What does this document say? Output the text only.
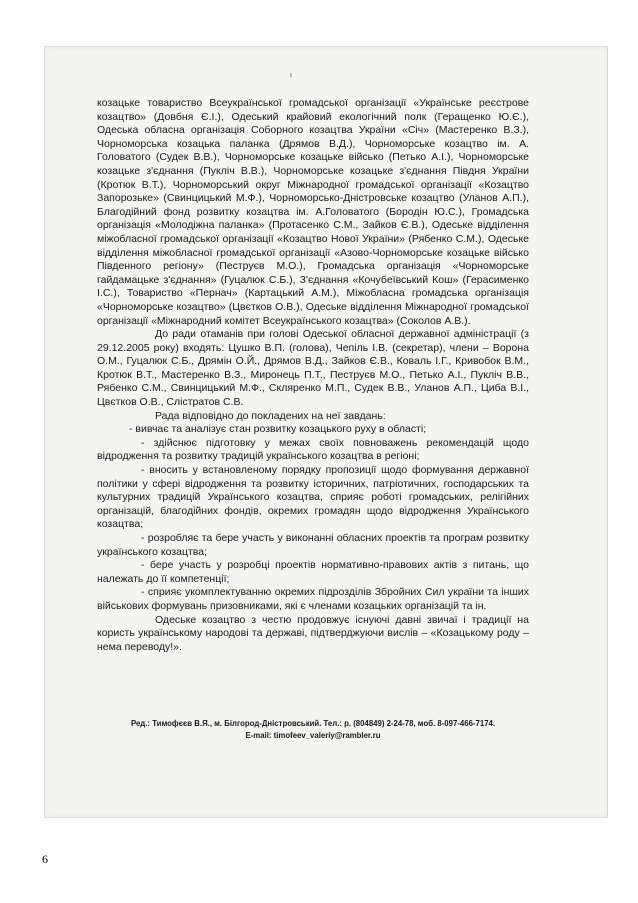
ı

козацьке товариство Всеукраїнської громадської організації «Українське реєстрове козацтво» (Довбня Є.І.), Одеський крайовий екологічний полк (Геращенко Ю.Є.), Одеська обласна організація Соборного козацтва України «Січ» (Мастеренко В.З.), Чорноморська козацька паланка (Дрямов В.Д.), Чорноморське козацтво ім. А. Головатого (Судек В.В.), Чорноморське козацьке військо (Петько А.І.), Чорноморське козацьке з'єднання (Пукліч В.В.), Чорноморське козацьке з'єднання Півдня України (Кротюк В.Т.), Чорноморський округ Міжнародної громадської організації «Козацтво Запорозьке» (Свинцицький М.Ф.), Чорноморсько-Дністровське козацтво (Уланов А.П.), Благодійний фонд розвитку козацтва ім. А.Головатого (Бородін Ю.С.), Громадська організація «Молодіжна паланка» (Протасенко С.М., Зайков Є.В.), Одеське відділення міжобласної громадської організації «Козацтво Нової України» (Рябенко С.М.), Одеське відділення міжобласної громадської організації «Азово-Чорноморське козацьке військо Південного регіону» (Пеструєв М.О.), Громадська організація «Чорноморське гайдамацьке з'єднання» (Гуцалюк С.Б.), З'єднання «Кочубеївський Кош» (Герасименко І.С.), Товариство «Пернач» (Картацький А.М.), Міжобласна громадська організація «Чорноморське козацтво» (Цвєтков О.В.), Одеське відділення Міжнародної громадської організації «Міжнародний комітет Всеукраїнського козацтва» (Соколов А.В.).

До ради отаманів при голові Одеської обласної державної адміністрації (з 29.12.2005 року) входять: Цушко В.П. (голова), Чепіль І.В. (секретар), члени – Ворона О.М., Гуцалюк С.Б., Дрямін О.Й., Дрямов В.Д., Зайков Є.В., Коваль І.Г., Кривобок В.М., Кротюк В.Т., Мастеренко В.З., Миронець П.Т., Пеструєв М.О., Петько А.І., Пукліч В.В., Рябенко С.М., Свинцицький М.Ф., Скляренко М.П., Судек В.В., Уланов А.П., Циба В.І., Цвєтков О.В., Слістратов С.В.

Рада відповідно до покладених на неї завдань:

- вивчає та аналізує стан розвитку козацького руху в області;

- здійснює підготовку у межах своїх повноважень рекомендацій щодо відродження та розвитку традицій українського козацтва в регіоні;

- вносить у встановленому порядку пропозиції щодо формування державної політики у сфері відродження та розвитку історичних, патріотичних, господарських та культурних традицій Українського козацтва, сприяє роботі громадських, релігійних організацій, благодійних фондів, окремих громадян щодо відродження Українського козацтва;

- розробляє та бере участь у виконанні обласних проектів та програм розвитку українського козацтва;

- бере участь у розробці проектів нормативно-правових актів з питань, що належать до її компетенції;

- сприяє укомплектуванню окремих підрозділів Збройних Сил україни та інших військових формувань призовниками, які є членами козацьких організацій та ін.

Одеське козацтво з честю продовжує існуючі давні звичаї і традиції на користь українському народові та державі, підтверджуючи вислів – «Козацькому роду – нема переводу!».

Ред.: Тимофєєв В.Я., м. Білгород-Дністровський. Тел.: р. (804849) 2-24-78, моб. 8-097-466-7174.

E-mail: timofeev_valeriy@rambler.ru

6
